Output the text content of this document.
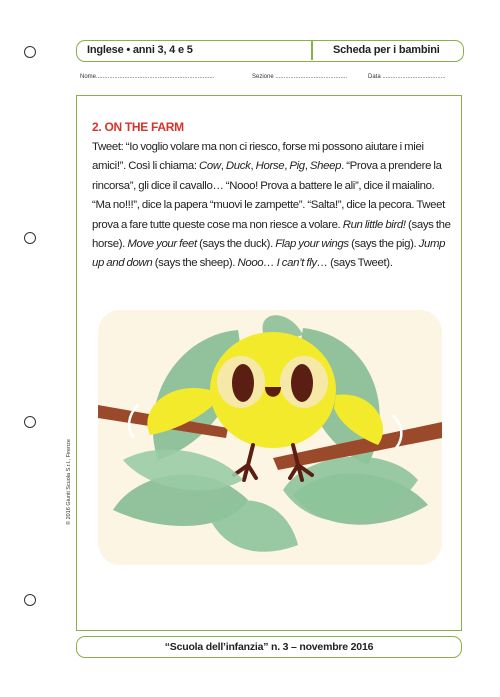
Inglese • anni 3, 4 e 5	Scheda per i bambini
Nome.......................................................................	Sezione ...........................................	Data ......................................
2. ON THE FARM
Tweet: “Io voglio volare ma non ci riesco, forse mi possono aiutare i miei amici!”. Così li chiama: Cow, Duck, Horse, Pig, Sheep. “Prova a prendere la rincorsa”, gli dice il cavallo… “Nooo! Prova a battere le ali”, dice il maialino. “Ma no!!!”, dice la papera “muovi le zampette”. “Salta!”, dice la pecora. Tweet prova a fare tutte queste cose ma non riesce a volare. Run little bird! (says the horse). Move your feet (says the duck). Flap your wings (says the pig). Jump up and down (says the sheep). Nooo… I can’t fly… (says Tweet).
© 2016 Giunti Scuola S.r.l., Firenze
“Scuola dell’infanzia” n. 3 – novembre 2016
